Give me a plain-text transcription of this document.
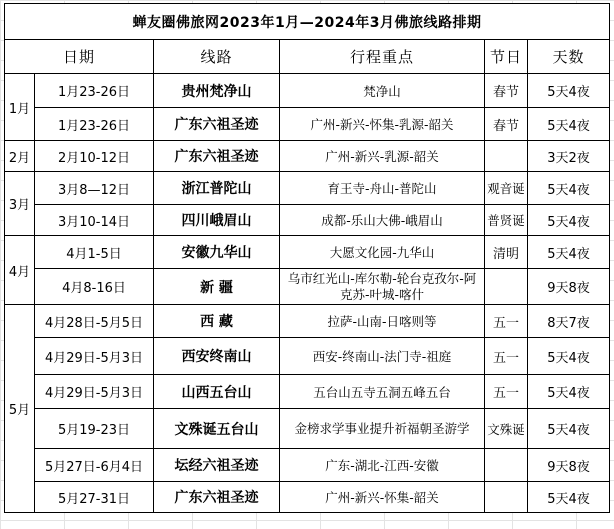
蝉友圈佛旅网2023年1月—2024年3月佛旅线路排期					
日期		线路	行程重点	节日	天数
1月	1月23-26日	贵州梵净山	梵净山	春节	5天4夜
	1月23-26日	广东六祖圣迹	广州-新兴-怀集-乳源-韶关	春节	5天4夜
2月	2月10-12日	广东六祖圣迹	广州-新兴-乳源-韶关		3天2夜
3月	3月8—12日	浙江普陀山	育王寺-舟山-普陀山	观音诞	5天4夜
	3月10-14日	四川峨眉山	成都-乐山大佛-峨眉山	普贤诞	5天4夜
4月	4月1-5日	安徽九华山	大愿文化园-九华山	清明	5天4夜
	4月8-16日	新 疆	乌市红光山-库尔勒-轮台克孜尔-阿克苏-叶城-喀什		9天8夜
5月	4月28日-5月5日	西 藏	拉萨-山南-日喀则等	五一	8天7夜
	4月29日-5月3日	西安终南山	西安-终南山-法门寺-祖庭	五一	5天4夜
	4月29日-5月3日	山西五台山	五台山五寺五洞五峰五台	五一	5天4夜
	5月19-23日	文殊诞五台山	金榜求学事业提升祈福朝圣游学	文殊诞	5天4夜
	5月27日-6月4日	坛经六祖圣迹	广东-湖北-江西-安徽		9天8夜
	5月27-31日	广东六祖圣迹	广州-新兴-怀集-韶关		5天4夜
